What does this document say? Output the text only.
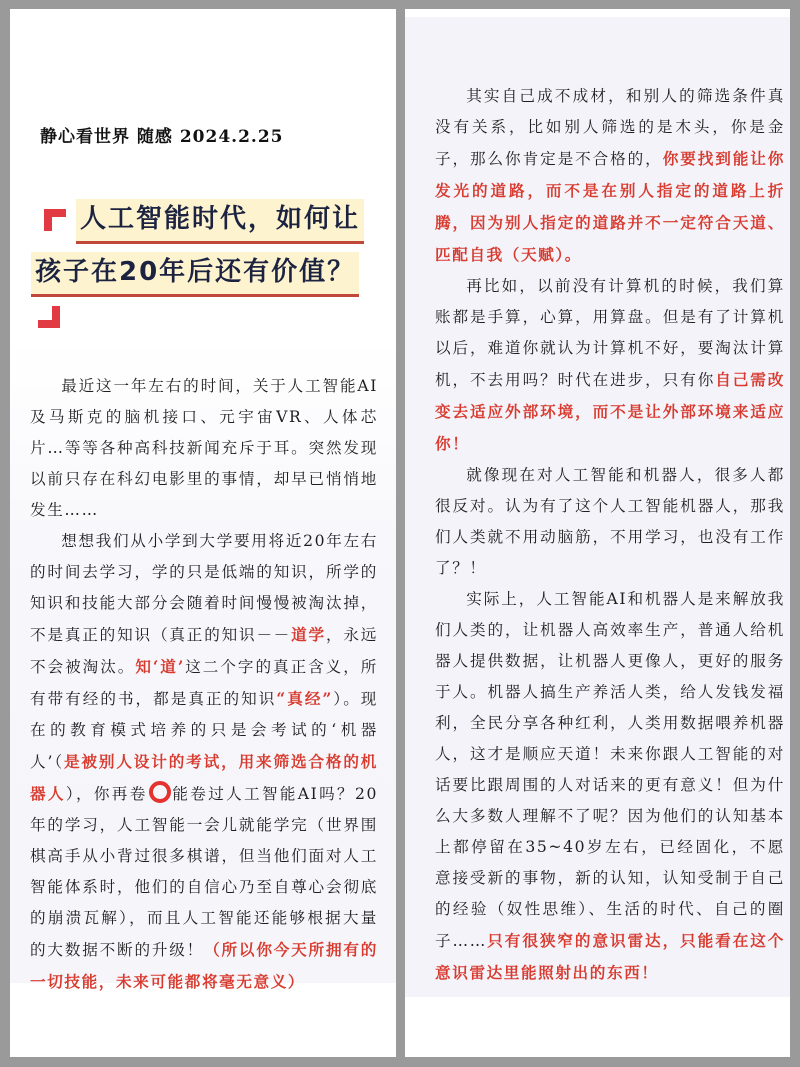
静心看世界 随感 2024.2.25
人工智能时代，如何让
孩子在20年后还有价值？

最近这一年左右的时间，关于人工智能AI及马斯克的脑机接口、元宇宙VR、人体芯片…等等各种高科技新闻充斥于耳。突然发现以前只存在科幻电影里的事情，却早已悄悄地发生……

想想我们从小学到大学要用将近20年左右的时间去学习，学的只是低端的知识，所学的知识和技能大部分会随着时间慢慢被淘汰掉，不是真正的知识（真正的知识－－道学，永远不会被淘汰。知‘道’这二个字的真正含义，所有带有经的书，都是真正的知识“真经”）。现在的教育模式培养的只是会考试的‘机器人’（是被别人设计的考试，用来筛选合格的机器人），你再卷 能卷过人工智能AI吗？20年的学习，人工智能一会儿就能学完（世界围棋高手从小背过很多棋谱，但当他们面对人工智能体系时，他们的自信心乃至自尊心会彻底的崩溃瓦解），而且人工智能还能够根据大量的大数据不断的升级！（所以你今天所拥有的一切技能，未来可能都将毫无意义）

其实自己成不成材，和别人的筛选条件真没有关系，比如别人筛选的是木头，你是金子，那么你肯定是不合格的，你要找到能让你发光的道路，而不是在别人指定的道路上折腾，因为别人指定的道路并不一定符合天道、匹配自我（天赋）。

再比如，以前没有计算机的时候，我们算账都是手算，心算，用算盘。但是有了计算机以后，难道你就认为计算机不好，要淘汰计算机，不去用吗？时代在进步，只有你自己需改变去适应外部环境，而不是让外部环境来适应你！

就像现在对人工智能和机器人，很多人都很反对。认为有了这个人工智能机器人，那我们人类就不用动脑筋，不用学习，也没有工作了？！

实际上，人工智能AI和机器人是来解放我们人类的，让机器人高效率生产，普通人给机器人提供数据，让机器人更像人，更好的服务于人。机器人搞生产养活人类，给人发钱发福利，全民分享各种红利，人类用数据喂养机器人，这才是顺应天道！未来你跟人工智能的对话要比跟周围的人对话来的更有意义！但为什么大多数人理解不了呢？因为他们的认知基本上都停留在35~40岁左右，已经固化，不愿意接受新的事物，新的认知，认知受制于自己的经验（奴性思维）、生活的时代、自己的圈子……只有很狭窄的意识雷达，只能看在这个意识雷达里能照射出的东西！
